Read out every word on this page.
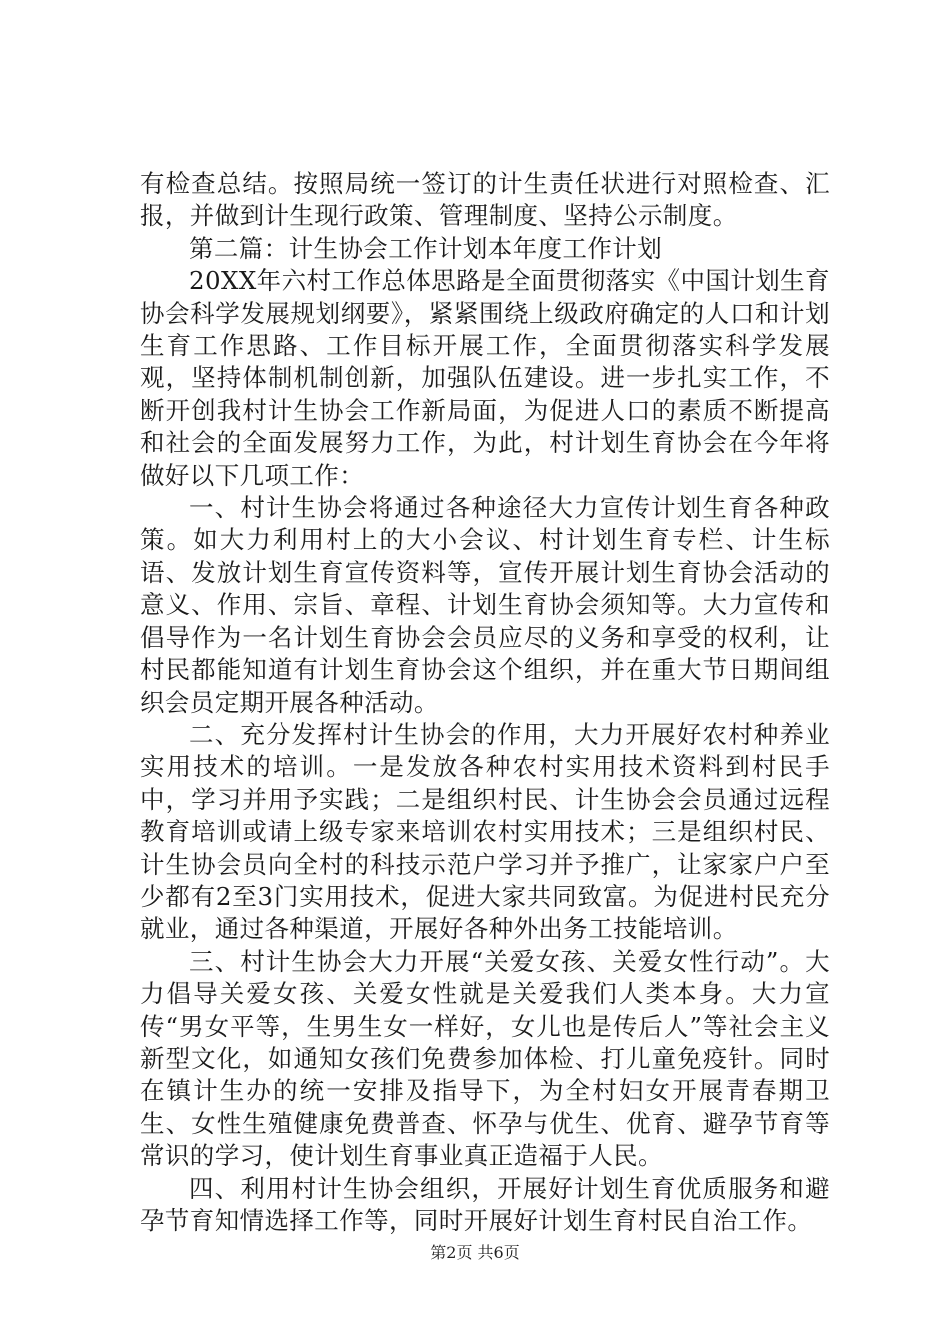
有检查总结。按照局统一签订的计生责任状进行对照检查、汇报，并做到计生现行政策、管理制度、坚持公示制度。

第二篇：计生协会工作计划本年度工作计划

20XX年六村工作总体思路是全面贯彻落实《中国计划生育协会科学发展规划纲要》，紧紧围绕上级政府确定的人口和计划生育工作思路、工作目标开展工作，全面贯彻落实科学发展观，坚持体制机制创新，加强队伍建设。进一步扎实工作，不断开创我村计生协会工作新局面，为促进人口的素质不断提高和社会的全面发展努力工作，为此，村计划生育协会在今年将做好以下几项工作：

一、村计生协会将通过各种途径大力宣传计划生育各种政策。如大力利用村上的大小会议、村计划生育专栏、计生标语、发放计划生育宣传资料等，宣传开展计划生育协会活动的意义、作用、宗旨、章程、计划生育协会须知等。大力宣传和倡导作为一名计划生育协会会员应尽的义务和享受的权利，让村民都能知道有计划生育协会这个组织，并在重大节日期间组织会员定期开展各种活动。

二、充分发挥村计生协会的作用，大力开展好农村种养业实用技术的培训。一是发放各种农村实用技术资料到村民手中，学习并用予实践；二是组织村民、计生协会会员通过远程教育培训或请上级专家来培训农村实用技术；三是组织村民、计生协会员向全村的科技示范户学习并予推广，让家家户户至少都有2至3门实用技术，促进大家共同致富。为促进村民充分就业，通过各种渠道，开展好各种外出务工技能培训。

三、村计生协会大力开展“关爱女孩、关爱女性行动”。大力倡导关爱女孩、关爱女性就是关爱我们人类本身。大力宣传“男女平等，生男生女一样好，女儿也是传后人”等社会主义新型文化，如通知女孩们免费参加体检、打儿童免疫针。同时在镇计生办的统一安排及指导下，为全村妇女开展青春期卫生、女性生殖健康免费普查、怀孕与优生、优育、避孕节育等常识的学习，使计划生育事业真正造福于人民。

四、利用村计生协会组织，开展好计划生育优质服务和避孕节育知情选择工作等，同时开展好计划生育村民自治工作。

第2页 共6页
